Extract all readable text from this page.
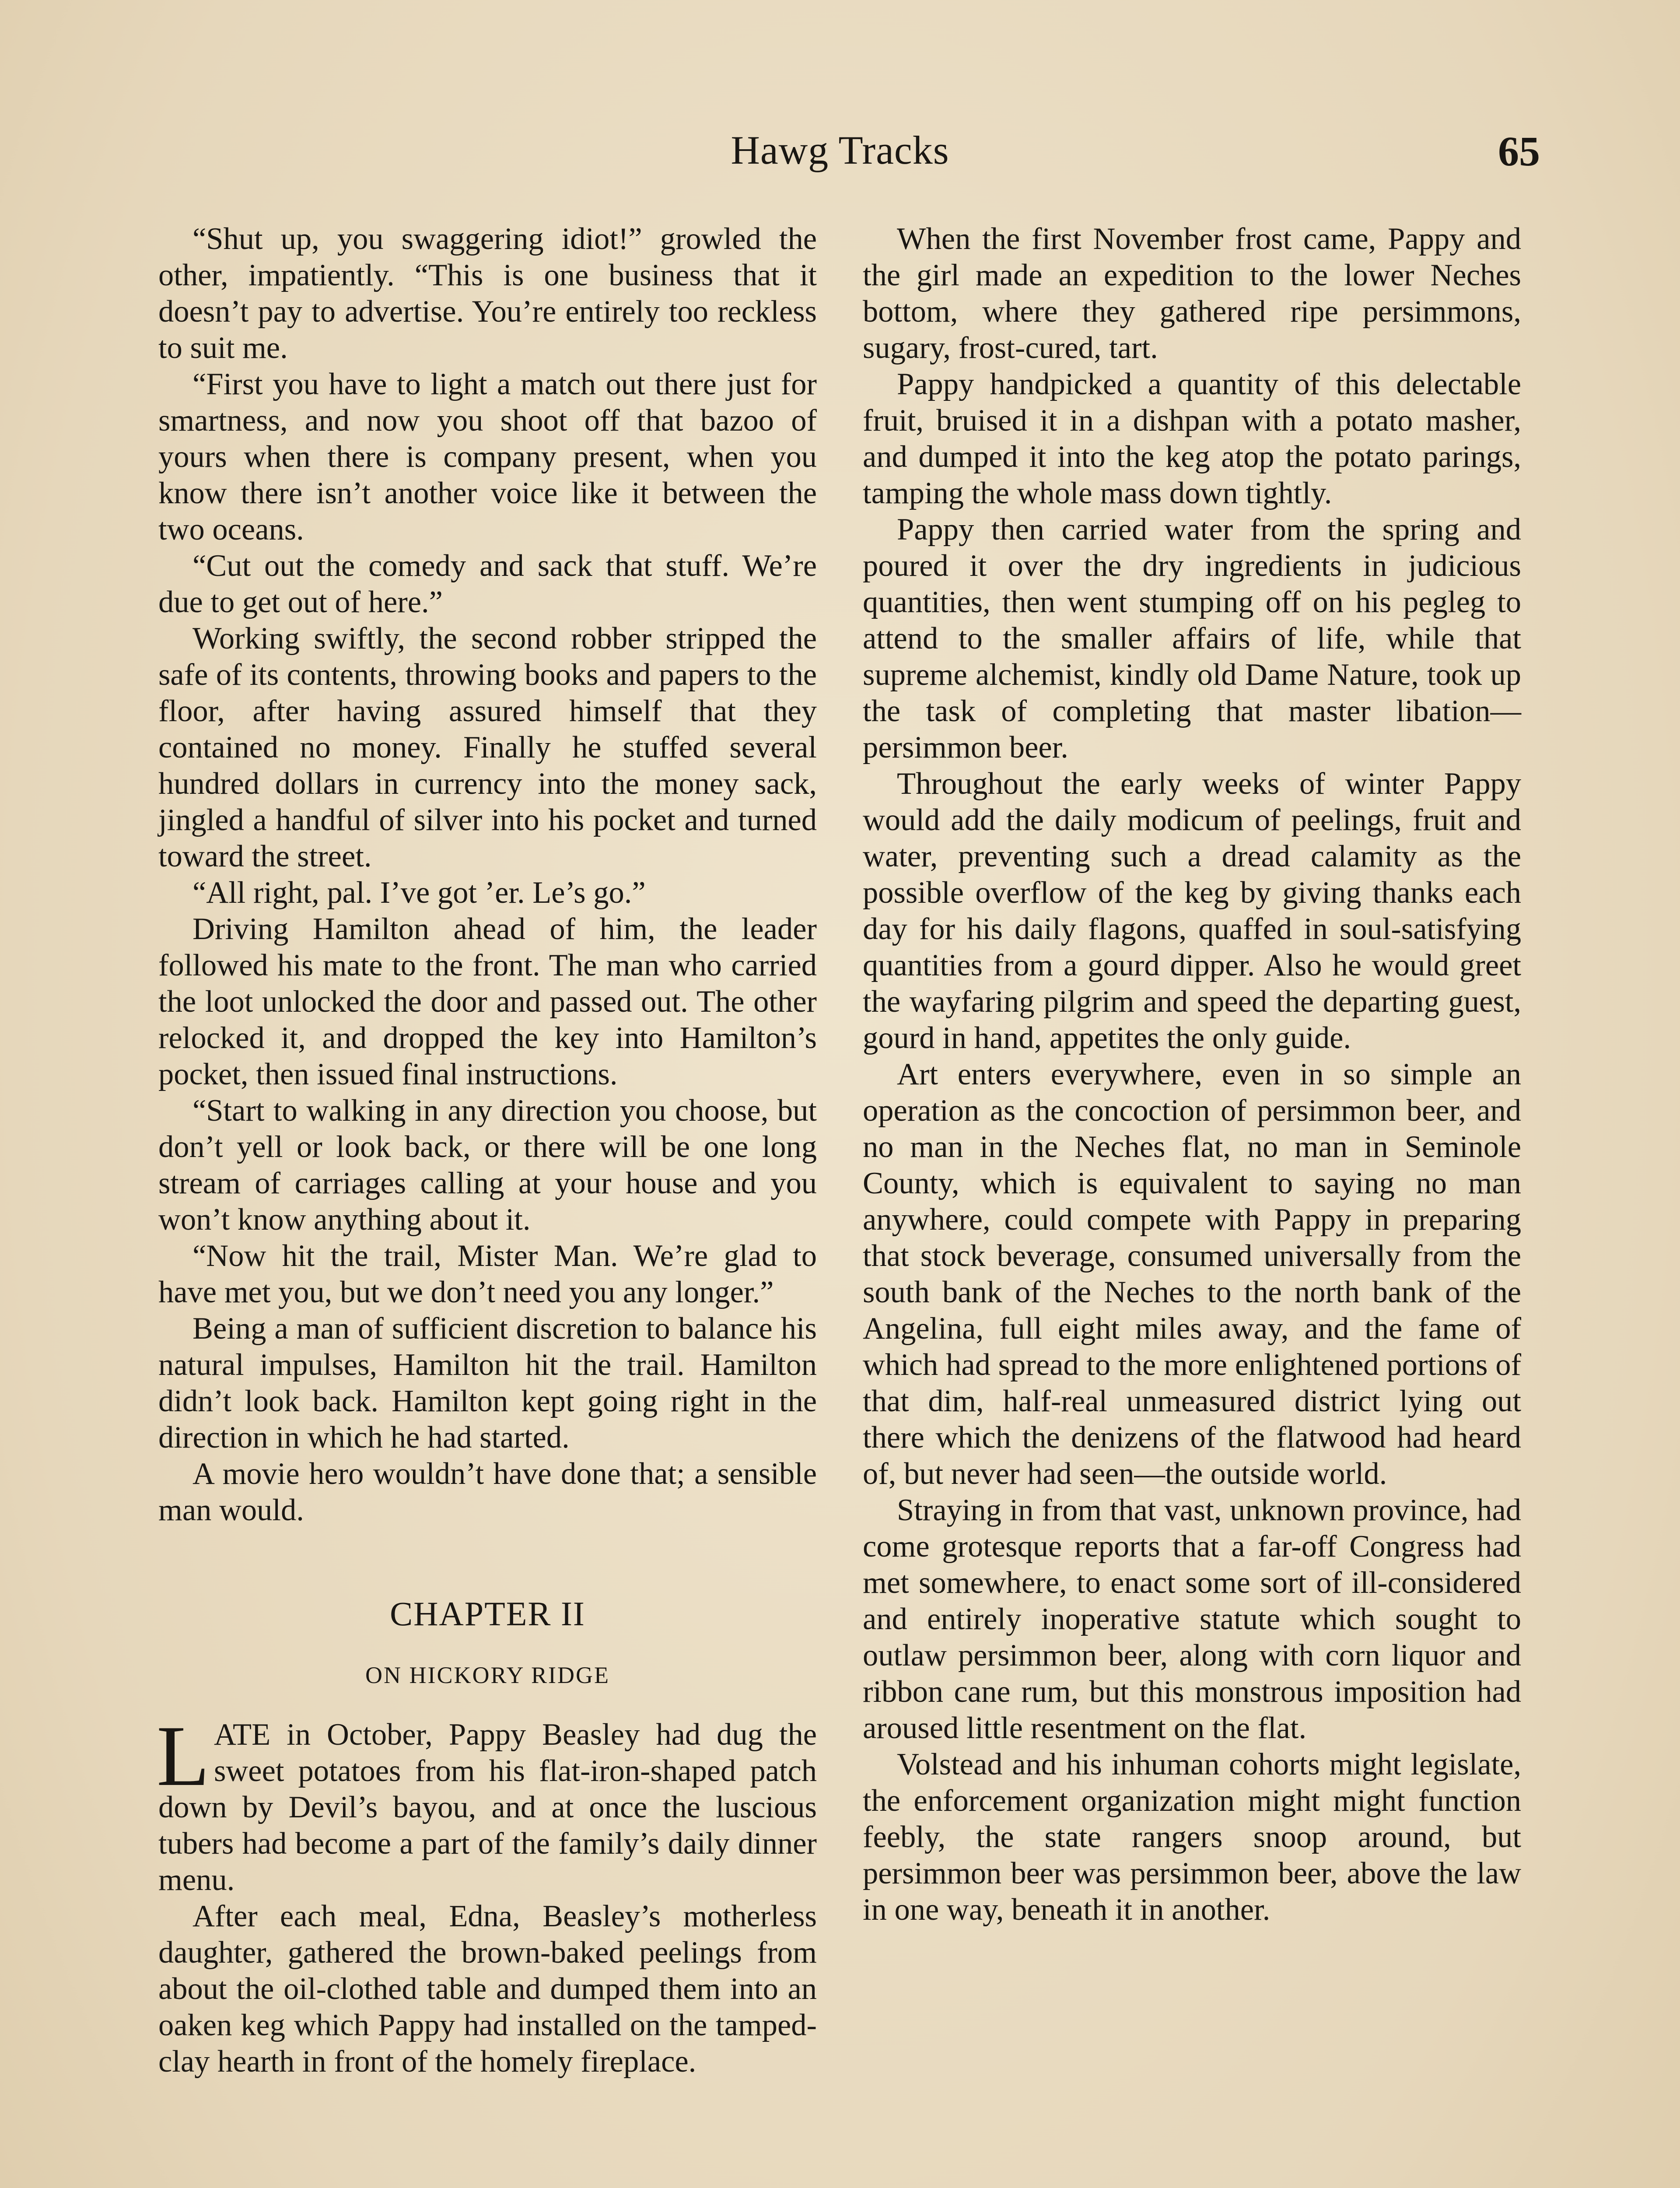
Hawg Tracks	65

“Shut up, you swaggering idiot!” growled the other, impatiently. “This is one business that it doesn’t pay to advertise. You’re entirely too reckless to suit me.

“First you have to light a match out there just for smartness, and now you shoot off that bazoo of yours when there is company present, when you know there isn’t another voice like it between the two oceans.

“Cut out the comedy and sack that stuff. We’re due to get out of here.”

Working swiftly, the second robber stripped the safe of its contents, throwing books and papers to the floor, after having assured himself that they contained no money. Finally he stuffed several hundred dollars in currency into the money sack, jingled a handful of silver into his pocket and turned toward the street.

“All right, pal. I’ve got ’er. Le’s go.”

Driving Hamilton ahead of him, the leader followed his mate to the front. The man who carried the loot unlocked the door and passed out. The other relocked it, and dropped the key into Hamilton’s pocket, then issued final instructions.

“Start to walking in any direction you choose, but don’t yell or look back, or there will be one long stream of carriages calling at your house and you won’t know anything about it.

“Now hit the trail, Mister Man. We’re glad to have met you, but we don’t need you any longer.”

Being a man of sufficient discretion to balance his natural impulses, Hamilton hit the trail. Hamilton didn’t look back. Hamilton kept going right in the direction in which he had started.

A movie hero wouldn’t have done that; a sensible man would.

CHAPTER II
ON HICKORY RIDGE

LATE in October, Pappy Beasley had dug the sweet potatoes from his flat-iron-shaped patch down by Devil’s bayou, and at once the luscious tubers had become a part of the family’s daily dinner menu.

After each meal, Edna, Beasley’s motherless daughter, gathered the brown-baked peelings from about the oil-clothed table and dumped them into an oaken keg which Pappy had installed on the tamped-clay hearth in front of the homely fireplace.

When the first November frost came, Pappy and the girl made an expedition to the lower Neches bottom, where they gathered ripe persimmons, sugary, frost-cured, tart.

Pappy handpicked a quantity of this delectable fruit, bruised it in a dishpan with a potato masher, and dumped it into the keg atop the potato parings, tamping the whole mass down tightly.

Pappy then carried water from the spring and poured it over the dry ingredients in judicious quantities, then went stumping off on his pegleg to attend to the smaller affairs of life, while that supreme alchemist, kindly old Dame Nature, took up the task of completing that master libation—persimmon beer.

Throughout the early weeks of winter Pappy would add the daily modicum of peelings, fruit and water, preventing such a dread calamity as the possible overflow of the keg by giving thanks each day for his daily flagons, quaffed in soul-satisfying quantities from a gourd dipper. Also he would greet the wayfaring pilgrim and speed the departing guest, gourd in hand, appetites the only guide.

Art enters everywhere, even in so simple an operation as the concoction of persimmon beer, and no man in the Neches flat, no man in Seminole County, which is equivalent to saying no man anywhere, could compete with Pappy in preparing that stock beverage, consumed universally from the south bank of the Neches to the north bank of the Angelina, full eight miles away, and the fame of which had spread to the more enlightened portions of that dim, half-real unmeasured district lying out there which the denizens of the flatwood had heard of, but never had seen—the outside world.

Straying in from that vast, unknown province, had come grotesque reports that a far-off Congress had met somewhere, to enact some sort of ill-considered and entirely inoperative statute which sought to outlaw persimmon beer, along with corn liquor and ribbon cane rum, but this monstrous imposition had aroused little resentment on the flat.

Volstead and his inhuman cohorts might legislate, the enforcement organization might might function feebly, the state rangers snoop around, but persimmon beer was persimmon beer, above the law in one way, beneath it in another.
